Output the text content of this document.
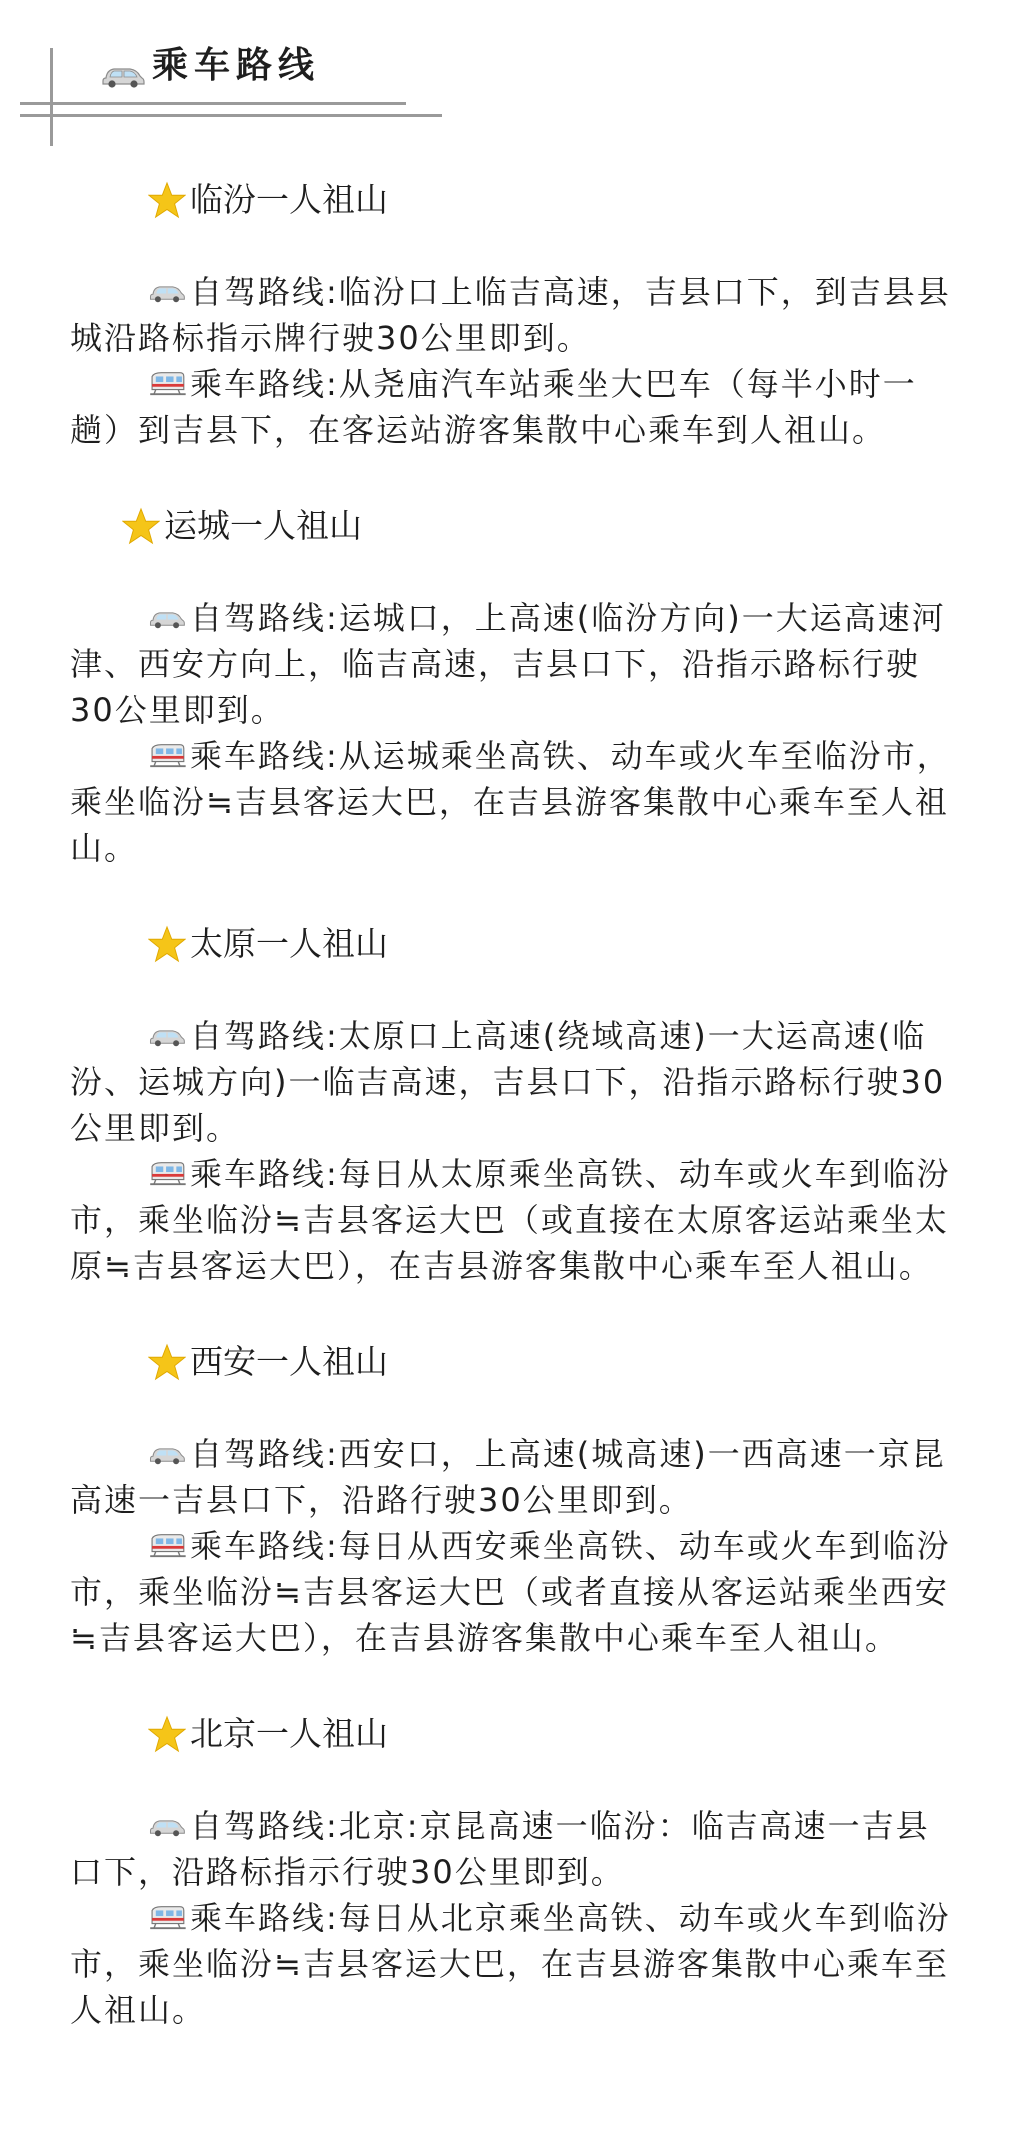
乘车路线
临汾一人祖山

自驾路线:临汾口上临吉高速，吉县口下，到吉县县城沿路标指示牌行驶30公里即到。

乘车路线:从尧庙汽车站乘坐大巴车（每半小时一趟）到吉县下，在客运站游客集散中心乘车到人祖山。

运城一人祖山

自驾路线:运城口，上高速(临汾方向)一大运高速河津、西安方向上，临吉高速，吉县口下，沿指示路标行驶30公里即到。

乘车路线:从运城乘坐高铁、动车或火车至临汾市，乘坐临汾≒吉县客运大巴，在吉县游客集散中心乘车至人祖山。

太原一人祖山

自驾路线:太原口上高速(绕域高速)一大运高速(临汾、运城方向)一临吉高速，吉县口下，沿指示路标行驶30公里即到。

乘车路线:每日从太原乘坐高铁、动车或火车到临汾市，乘坐临汾≒吉县客运大巴（或直接在太原客运站乘坐太原≒吉县客运大巴），在吉县游客集散中心乘车至人祖山。

西安一人祖山

自驾路线:西安口，上高速(城高速)一西高速一京昆高速一吉县口下，沿路行驶30公里即到。

乘车路线:每日从西安乘坐高铁、动车或火车到临汾市，乘坐临汾≒吉县客运大巴（或者直接从客运站乘坐西安≒吉县客运大巴），在吉县游客集散中心乘车至人祖山。

北京一人祖山

自驾路线:北京:京昆高速一临汾：临吉高速一吉县口下，沿路标指示行驶30公里即到。

乘车路线:每日从北京乘坐高铁、动车或火车到临汾市，乘坐临汾≒吉县客运大巴，在吉县游客集散中心乘车至人祖山。
